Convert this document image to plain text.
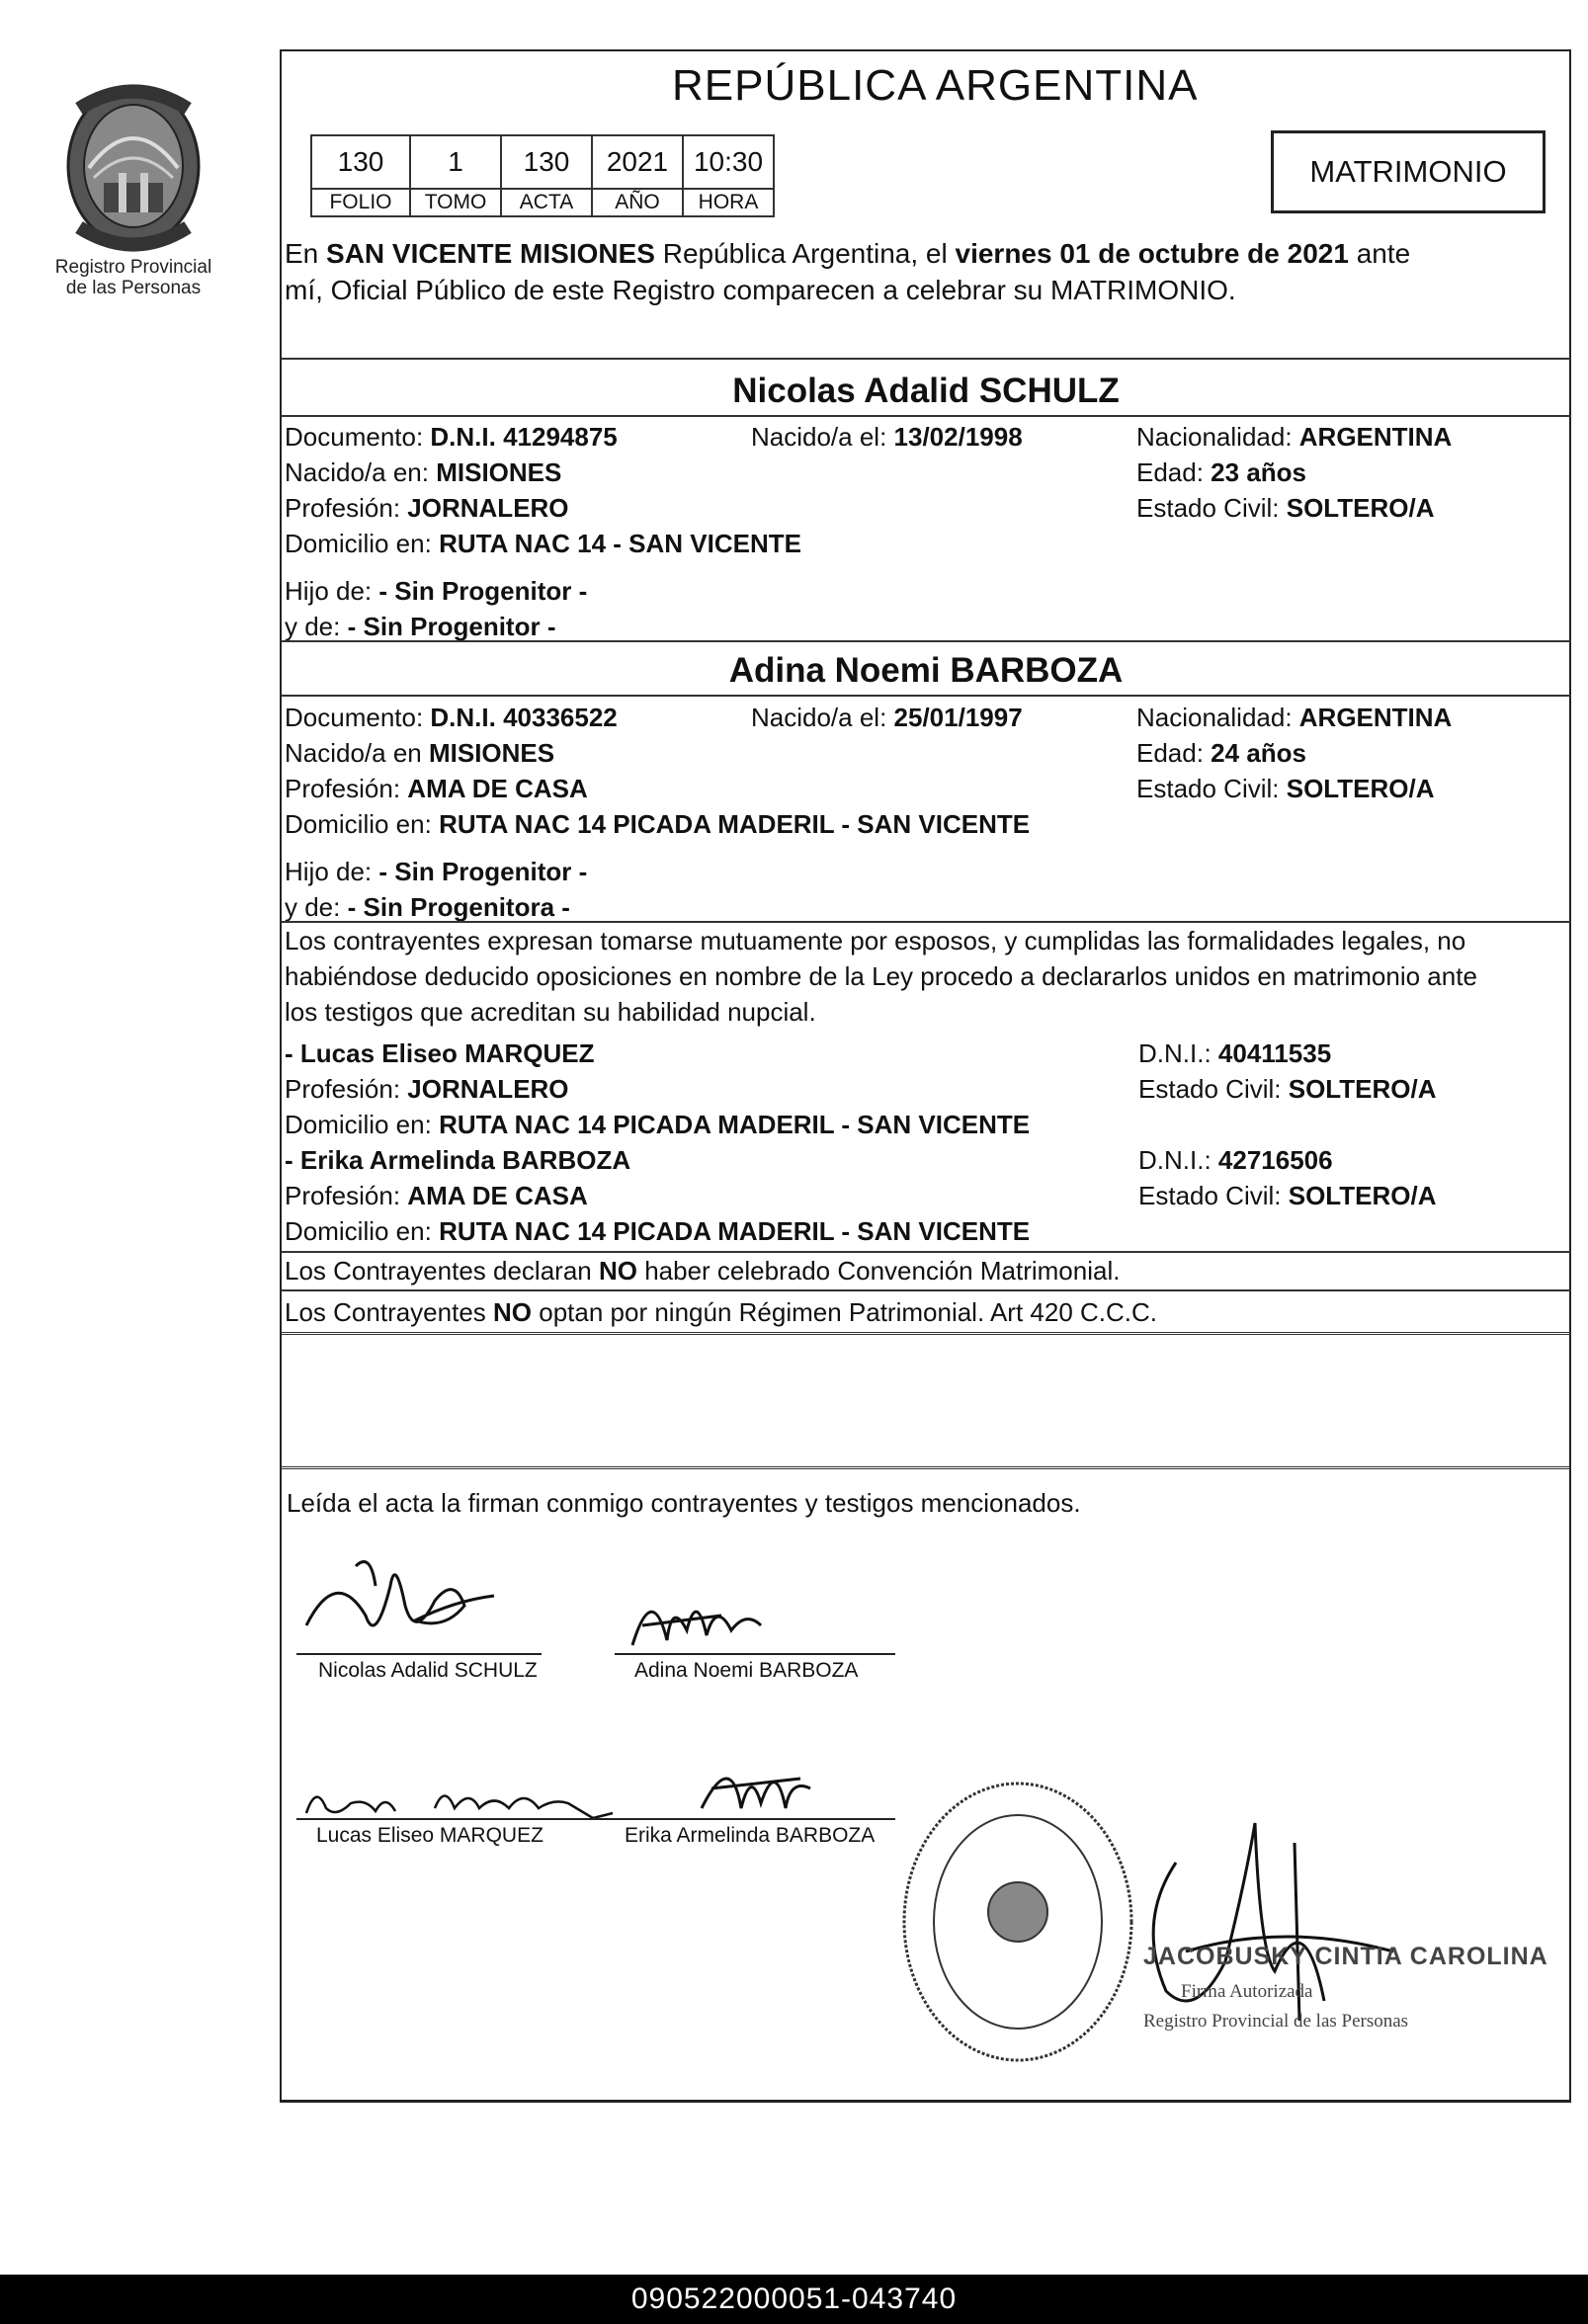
Registro Provincial
de las Personas
REPÚBLICA ARGENTINA
130	1	130	2021	10:30
FOLIO	TOMO	ACTA	AÑO	HORA
MATRIMONIO
En SAN VICENTE MISIONES República Argentina, el viernes 01 de octubre de 2021 ante
mí, Oficial Público de este Registro comparecen a celebrar su MATRIMONIO.
Nicolas Adalid SCHULZ
Documento: D.N.I. 41294875	Nacido/a el: 13/02/1998	Nacionalidad: ARGENTINA
Nacido/a en: MISIONES	Edad: 23 años
Profesión: JORNALERO	Estado Civil: SOLTERO/A
Domicilio en: RUTA NAC 14 - SAN VICENTE
Hijo de: - Sin Progenitor -
y de: - Sin Progenitor -
Adina Noemi BARBOZA
Documento: D.N.I. 40336522	Nacido/a el: 25/01/1997	Nacionalidad: ARGENTINA
Nacido/a en MISIONES	Edad: 24 años
Profesión: AMA DE CASA	Estado Civil: SOLTERO/A
Domicilio en: RUTA NAC 14 PICADA MADERIL - SAN VICENTE
Hijo de: - Sin Progenitor -
y de: - Sin Progenitora -
Los contrayentes expresan tomarse mutuamente por esposos, y cumplidas las formalidades legales, no
habiéndose deducido oposiciones en nombre de la Ley procedo a declararlos unidos en matrimonio ante
los testigos que acreditan su habilidad nupcial.
- Lucas Eliseo MARQUEZ	D.N.I.: 40411535
Profesión: JORNALERO	Estado Civil: SOLTERO/A
Domicilio en: RUTA NAC 14 PICADA MADERIL - SAN VICENTE
- Erika Armelinda BARBOZA	D.N.I.: 42716506
Profesión: AMA DE CASA	Estado Civil: SOLTERO/A
Domicilio en: RUTA NAC 14 PICADA MADERIL - SAN VICENTE
Los Contrayentes declaran NO haber celebrado Convención Matrimonial.
Los Contrayentes NO optan por ningún Régimen Patrimonial. Art 420 C.C.C.
Leída el acta la firman conmigo contrayentes y testigos mencionados.
Nicolas Adalid SCHULZ	Adina Noemi BARBOZA
Lucas Eliseo MARQUEZ	Erika Armelinda BARBOZA
JACOBUSKY CINTIA CAROLINA
Firma Autorizada
Registro Provincial de las Personas
090522000051-043740
